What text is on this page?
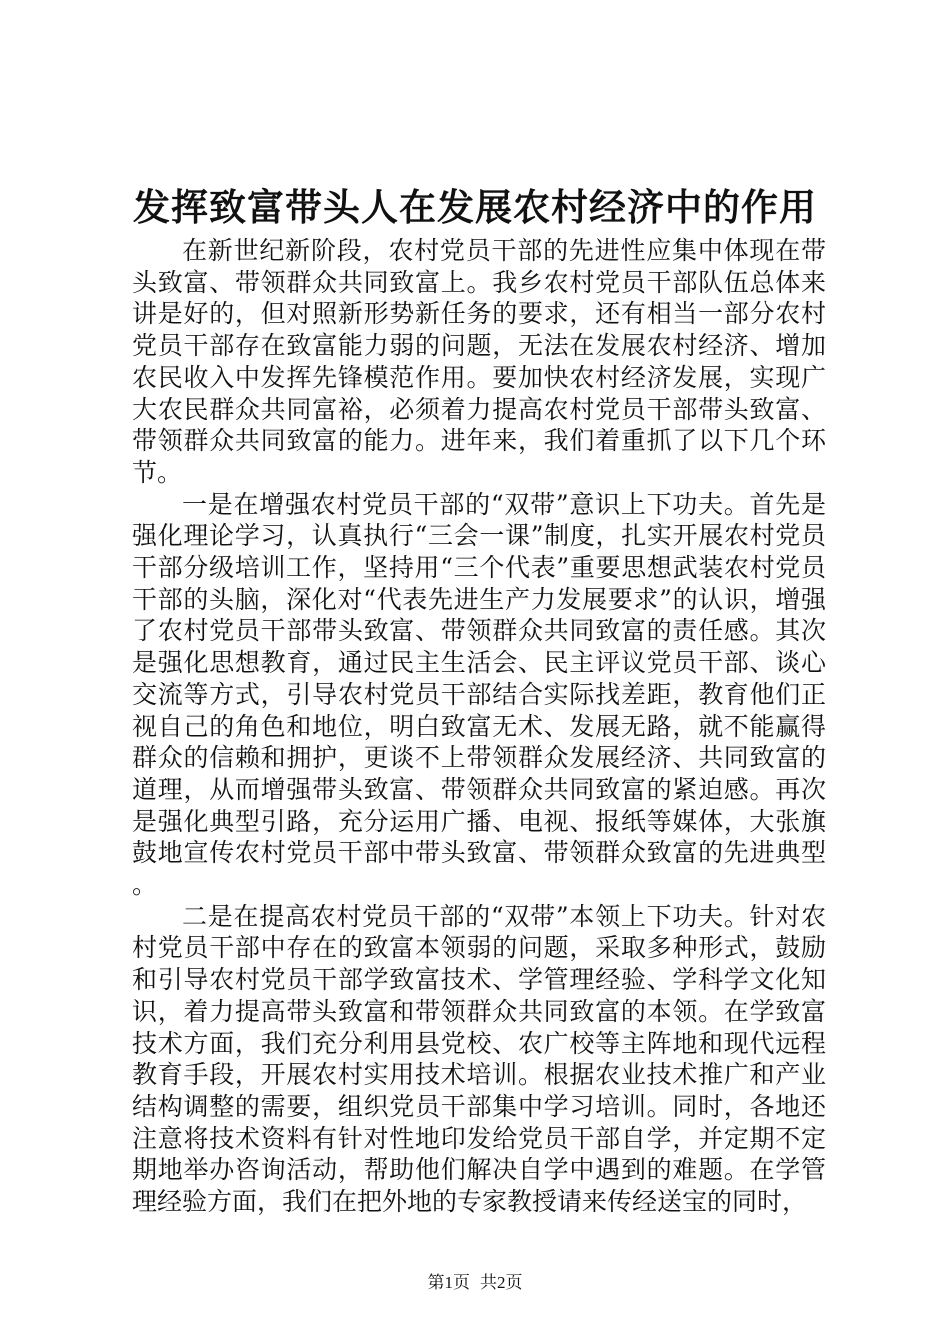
发挥致富带头人在发展农村经济中的作用

在新世纪新阶段，农村党员干部的先进性应集中体现在带头致富、带领群众共同致富上。我乡农村党员干部队伍总体来讲是好的，但对照新形势新任务的要求，还有相当一部分农村党员干部存在致富能力弱的问题，无法在发展农村经济、增加农民收入中发挥先锋模范作用。要加快农村经济发展，实现广大农民群众共同富裕，必须着力提高农村党员干部带头致富、带领群众共同致富的能力。进年来，我们着重抓了以下几个环节。

一是在增强农村党员干部的“双带”意识上下功夫。首先是强化理论学习，认真执行“三会一课”制度，扎实开展农村党员干部分级培训工作，坚持用“三个代表”重要思想武装农村党员干部的头脑，深化对“代表先进生产力发展要求”的认识，增强了农村党员干部带头致富、带领群众共同致富的责任感。其次是强化思想教育，通过民主生活会、民主评议党员干部、谈心交流等方式，引导农村党员干部结合实际找差距，教育他们正视自己的角色和地位，明白致富无术、发展无路，就不能赢得群众的信赖和拥护，更谈不上带领群众发展经济、共同致富的道理，从而增强带头致富、带领群众共同致富的紧迫感。再次是强化典型引路，充分运用广播、电视、报纸等媒体，大张旗鼓地宣传农村党员干部中带头致富、带领群众致富的先进典型。

二是在提高农村党员干部的“双带”本领上下功夫。针对农村党员干部中存在的致富本领弱的问题，采取多种形式，鼓励和引导农村党员干部学致富技术、学管理经验、学科学文化知识，着力提高带头致富和带领群众共同致富的本领。在学致富技术方面，我们充分利用县党校、农广校等主阵地和现代远程教育手段，开展农村实用技术培训。根据农业技术推广和产业结构调整的需要，组织党员干部集中学习培训。同时，各地还注意将技术资料有针对性地印发给党员干部自学，并定期不定期地举办咨询活动，帮助他们解决自学中遇到的难题。在学管理经验方面，我们在把外地的专家教授请来传经送宝的同时，

第1页 共2页
